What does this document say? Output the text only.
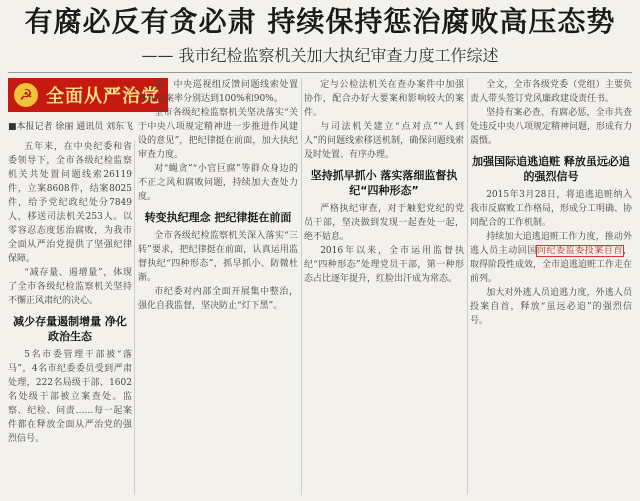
有腐必反有贪必肃 持续保持惩治腐败高压态势
—— 我市纪检监察机关加大执纪审查力度工作综述
☭ 全面从严治党
■本报记者 徐丽 通讯员 刘东飞

五年来，在中央纪委和省委领导下，全市各级纪检监察机关共处置问题线索26119件，立案8608件，结案8025件，给予党纪政纪处分7849人，移送司法机关253人。以零容忍态度惩治腐败，为我市全面从严治党提供了坚强纪律保障。

“减存量、遏增量”，体现了全市各级纪检监察机关坚持不懈正风肃纪的决心。

减少存量遏制增量 净化政治生态

5名市委管理干部被“落马”，4名市纪委委员受到严肃处理，222名局级干部、1602名处级干部被立案查处。监察、纪检、问责……每一起案件都在释放全面从严治党的强烈信号。

前，中央巡视组反馈问题线索处置率和结案率分别达到100%和90%。

全市各级纪检监察机关坚决落实“关于中央八项规定精神进一步推进作风建设的意见”，把纪律挺在前面，加大执纪审查力度。

对“蝇贪”“小官巨腐”等群众身边的不正之风和腐败问题，持续加大查处力度。

转变执纪理念 把纪律挺在前面

全市各级纪检监察机关深入落实“三转”要求，把纪律挺在前面，认真运用监督执纪“四种形态”，抓早抓小、防微杜渐。

市纪委对内部全面开展集中整治，强化自我监督，坚决防止“灯下黑”。

定与公检法机关在查办案件中加强协作，配合办好大要案和影响较大的案件。

与司法机关建立“点对点”“人到人”的问题线索移送机制，确保问题线索及时处置、有序办理。

坚持抓早抓小 落实落细监督执纪“四种形态”

严格执纪审查，对于触犯党纪的党员干部，坚决做到发现一起查处一起，绝不姑息。

2016年以来，全市运用监督执纪“四种形态”处理党员干部，第一种形态占比逐年提升，红脸出汗成为常态。

全文，全市各级党委（党组）主要负责人带头签订党风廉政建设责任书。

坚持有案必查、有腐必惩，全市共查处违反中央八项规定精神问题，形成有力震慑。

加强国际追逃追赃 释放虽远必追的强烈信号

2015年3月28日，将追逃追赃纳入我市反腐败工作格局，形成分工明确、协同配合的工作机制。

持续加大追逃追赃工作力度，推动外逃人员主动回国向纪委监委投案自首，取得阶段性成效，全市追逃追赃工作走在前列。

加大对外逃人员追逃力度，外逃人员投案自首，释放“虽远必追”的强烈信号。
